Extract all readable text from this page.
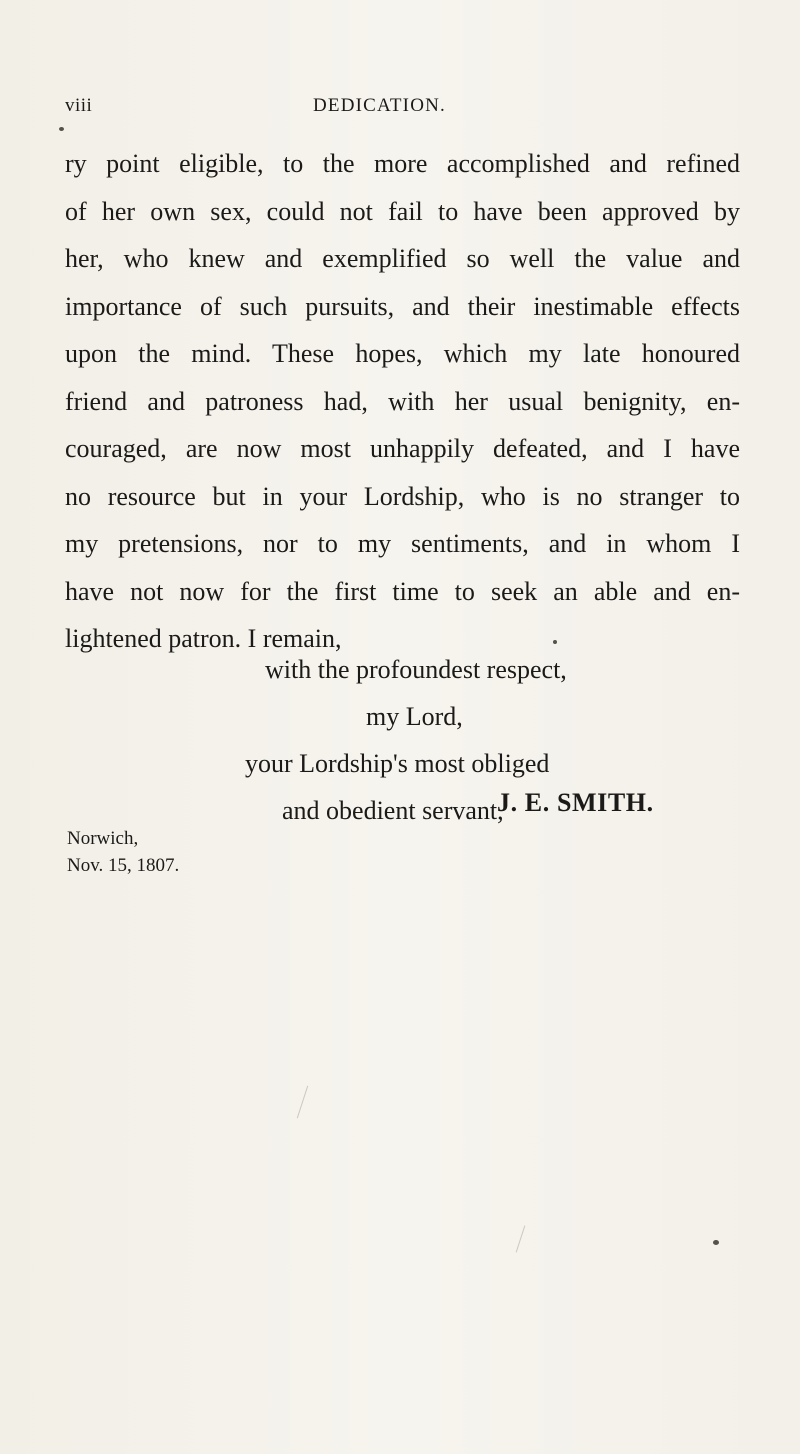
viii	DEDICATION.
ry point eligible, to the more accomplished and refined
of her own sex, could not fail to have been approved by
her, who knew and exemplified so well the value and
importance of such pursuits, and their inestimable effects
upon the mind. These hopes, which my late honoured
friend and patroness had, with her usual benignity, en-
couraged, are now most unhappily defeated, and I have
no resource but in your Lordship, who is no stranger to
my pretensions, nor to my sentiments, and in whom I
have not now for the first time to seek an able and en-
lightened patron. I remain,
with the profoundest respect,
my Lord,
your Lordship's most obliged
and obedient servant,
J. E. SMITH.
Norwich,
Nov. 15, 1807.
